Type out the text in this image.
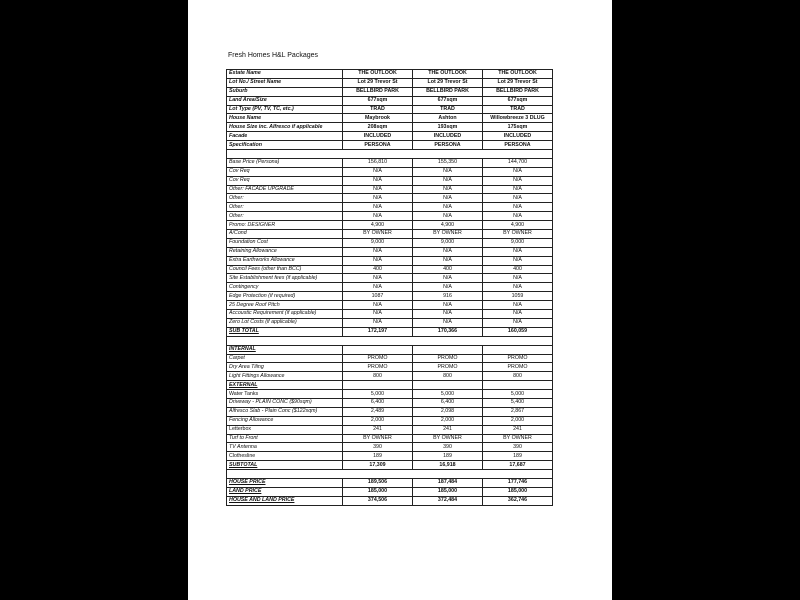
Fresh Homes H&L Packages
Estate Name	THE OUTLOOK	THE OUTLOOK	THE OUTLOOK
Lot No./ Street Name	Lot 29 Trevor St	Lot 29 Trevor St	Lot 29 Trevor St
Suburb	BELLBIRD PARK	BELLBIRD PARK	BELLBIRD PARK
Land Area/Size	677sqm	677sqm	677sqm
Lot Type (PV, TV, TC, etc.)	TRAD	TRAD	TRAD
House Name	Maybrook	Ashton	Willowbreeze 3 DLUG
House Size inc. Alfresco if applicable	208sqm	193sqm	175sqm
Facade	INCLUDED	INCLUDED	INCLUDED
Specification	PERSONA	PERSONA	PERSONA

Base Price (Persona)	156,810	155,350	144,700
Cov Req	N/A	N/A	N/A
Cov Req	N/A	N/A	N/A
Other: FACADE UPGRADE	N/A	N/A	N/A
Other:	N/A	N/A	N/A
Other:	N/A	N/A	N/A
Other:	N/A	N/A	N/A
Promo: DESIGNER	4,900	4,900	4,900
A/Cond	BY OWNER	BY OWNER	BY OWNER
Foundation Cost	9,000	9,000	9,000
Retaining Allowance	N/A	N/A	N/A
Extra Earthworks Allowance	N/A	N/A	N/A
Council Fees (other than BCC)	400	400	400
Site Establishment fees (if applicable)	N/A	N/A	N/A
Contingency	N/A	N/A	N/A
Edge Protection (if required)	1087	916	1059
25 Degree Roof Pitch	N/A	N/A	N/A
Accoustic Requirement (if applicable)	N/A	N/A	N/A
Zero Lot Costs (if applicable)	N/A	N/A	N/A
SUB TOTAL	172,197	170,366	160,059

INTERNAL			
Carpet	PROMO	PROMO	PROMO
Dry Area Tiling	PROMO	PROMO	PROMO
Light Fittings Allowance	800	800	800
EXTERNAL			
Water Tanks	5,000	5,000	5,000
Driveway - PLAIN CONC ($90sqm)	6,400	6,400	5,400
Alfresco Slab - Plain Conc ($122sqm)	2,489	2,098	2,867
Fencing Allowance	2,000	2,000	2,000
Letterbox	241	241	241
Turf to Front	BY OWNER	BY OWNER	BY OWNER
TV Antenna	390	390	390
Clothesline	189	189	189
SUBTOTAL	17,309	16,918	17,687

HOUSE PRICE	189,506	187,484	177,746
LAND PRICE	185,000	185,000	185,000
HOUSE AND LAND PRICE	374,506	372,484	362,746
